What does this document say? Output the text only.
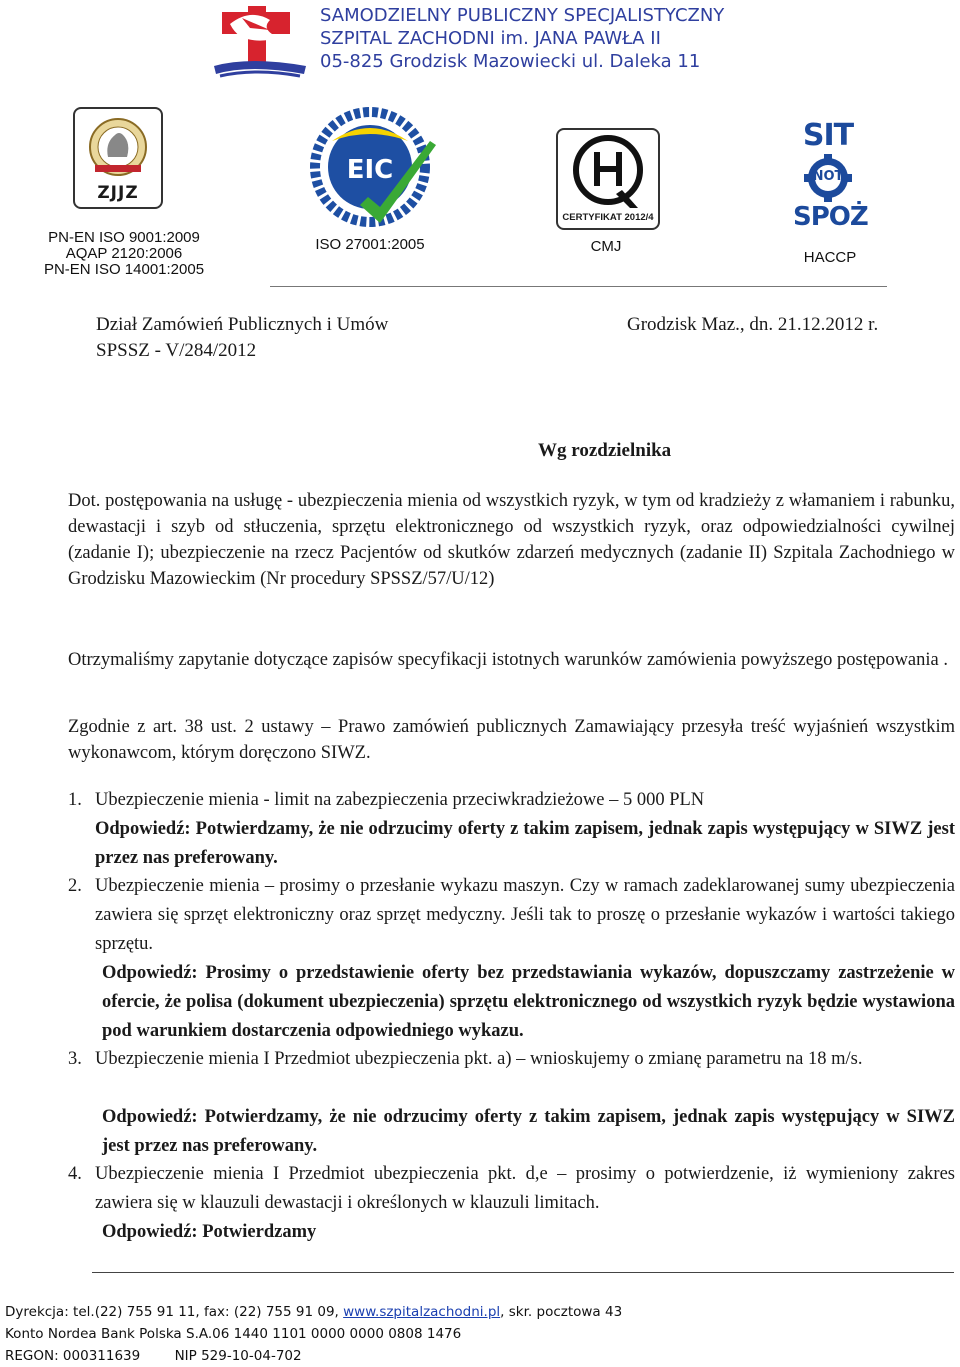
SAMODZIELNY PUBLICZNY SPECJALISTYCZNY
SZPITAL ZACHODNI im. JANA PAWŁA II
05-825 Grodzisk Mazowiecki ul. Daleka 11
ZJJZ
PN-EN ISO 9001:2009
AQAP 2120:2006
PN-EN ISO 14001:2005
EIC
ISO 27001:2005
CERTYFIKAT 2012/4
CMJ
SIT
NOT
SPOŻ
HACCP
Dział Zamówień Publicznych i Umów
SPSSZ - V/284/2012
Grodzisk Maz., dn. 21.12.2012 r.
Wg rozdzielnika
Dot. postępowania na usługę - ubezpieczenia mienia od wszystkich ryzyk, w tym od kradzieży z włamaniem i rabunku, dewastacji i szyb od stłuczenia, sprzętu elektronicznego od wszystkich ryzyk, oraz odpowiedzialności cywilnej (zadanie I); ubezpieczenie na rzecz Pacjentów od skutków zdarzeń medycznych (zadanie II) Szpitala Zachodniego w Grodzisku Mazowieckim (Nr procedury SPSSZ/57/U/12)
Otrzymaliśmy zapytanie dotyczące zapisów specyfikacji istotnych warunków zamówienia powyższego postępowania .
Zgodnie z art. 38 ust. 2 ustawy – Prawo zamówień publicznych Zamawiający przesyła treść wyjaśnień wszystkim wykonawcom, którym doręczono SIWZ.
1. Ubezpieczenie mienia - limit na zabezpieczenia przeciwkradzieżowe – 5 000 PLN
Odpowiedź: Potwierdzamy, że nie odrzucimy oferty z takim zapisem, jednak zapis występujący w SIWZ jest przez nas preferowany.
2. Ubezpieczenie mienia – prosimy o przesłanie wykazu maszyn. Czy w ramach zadeklarowanej sumy ubezpieczenia zawiera się sprzęt elektroniczny oraz sprzęt medyczny. Jeśli tak to proszę o przesłanie wykazów i wartości takiego sprzętu.
Odpowiedź: Prosimy o przedstawienie oferty bez przedstawiania wykazów, dopuszczamy zastrzeżenie w ofercie, że polisa (dokument ubezpieczenia) sprzętu elektronicznego od wszystkich ryzyk będzie wystawiona pod warunkiem dostarczenia odpowiedniego wykazu.
3. Ubezpieczenie mienia I Przedmiot ubezpieczenia pkt. a) – wnioskujemy o zmianę parametru na 18 m/s.
Odpowiedź: Potwierdzamy, że nie odrzucimy oferty z takim zapisem, jednak zapis występujący w SIWZ jest przez nas preferowany.
4. Ubezpieczenie mienia I Przedmiot ubezpieczenia pkt. d,e – prosimy o potwierdzenie, iż wymieniony zakres zawiera się w klauzuli dewastacji i określonych w klauzuli limitach.
Odpowiedź: Potwierdzamy
Dyrekcja: tel.(22) 755 91 11, fax: (22) 755 91 09, www.szpitalzachodni.pl, skr. pocztowa 43
Konto Nordea Bank Polska S.A.06 1440 1101 0000 0000 0808 1476
REGON: 000311639        NIP 529-10-04-702
